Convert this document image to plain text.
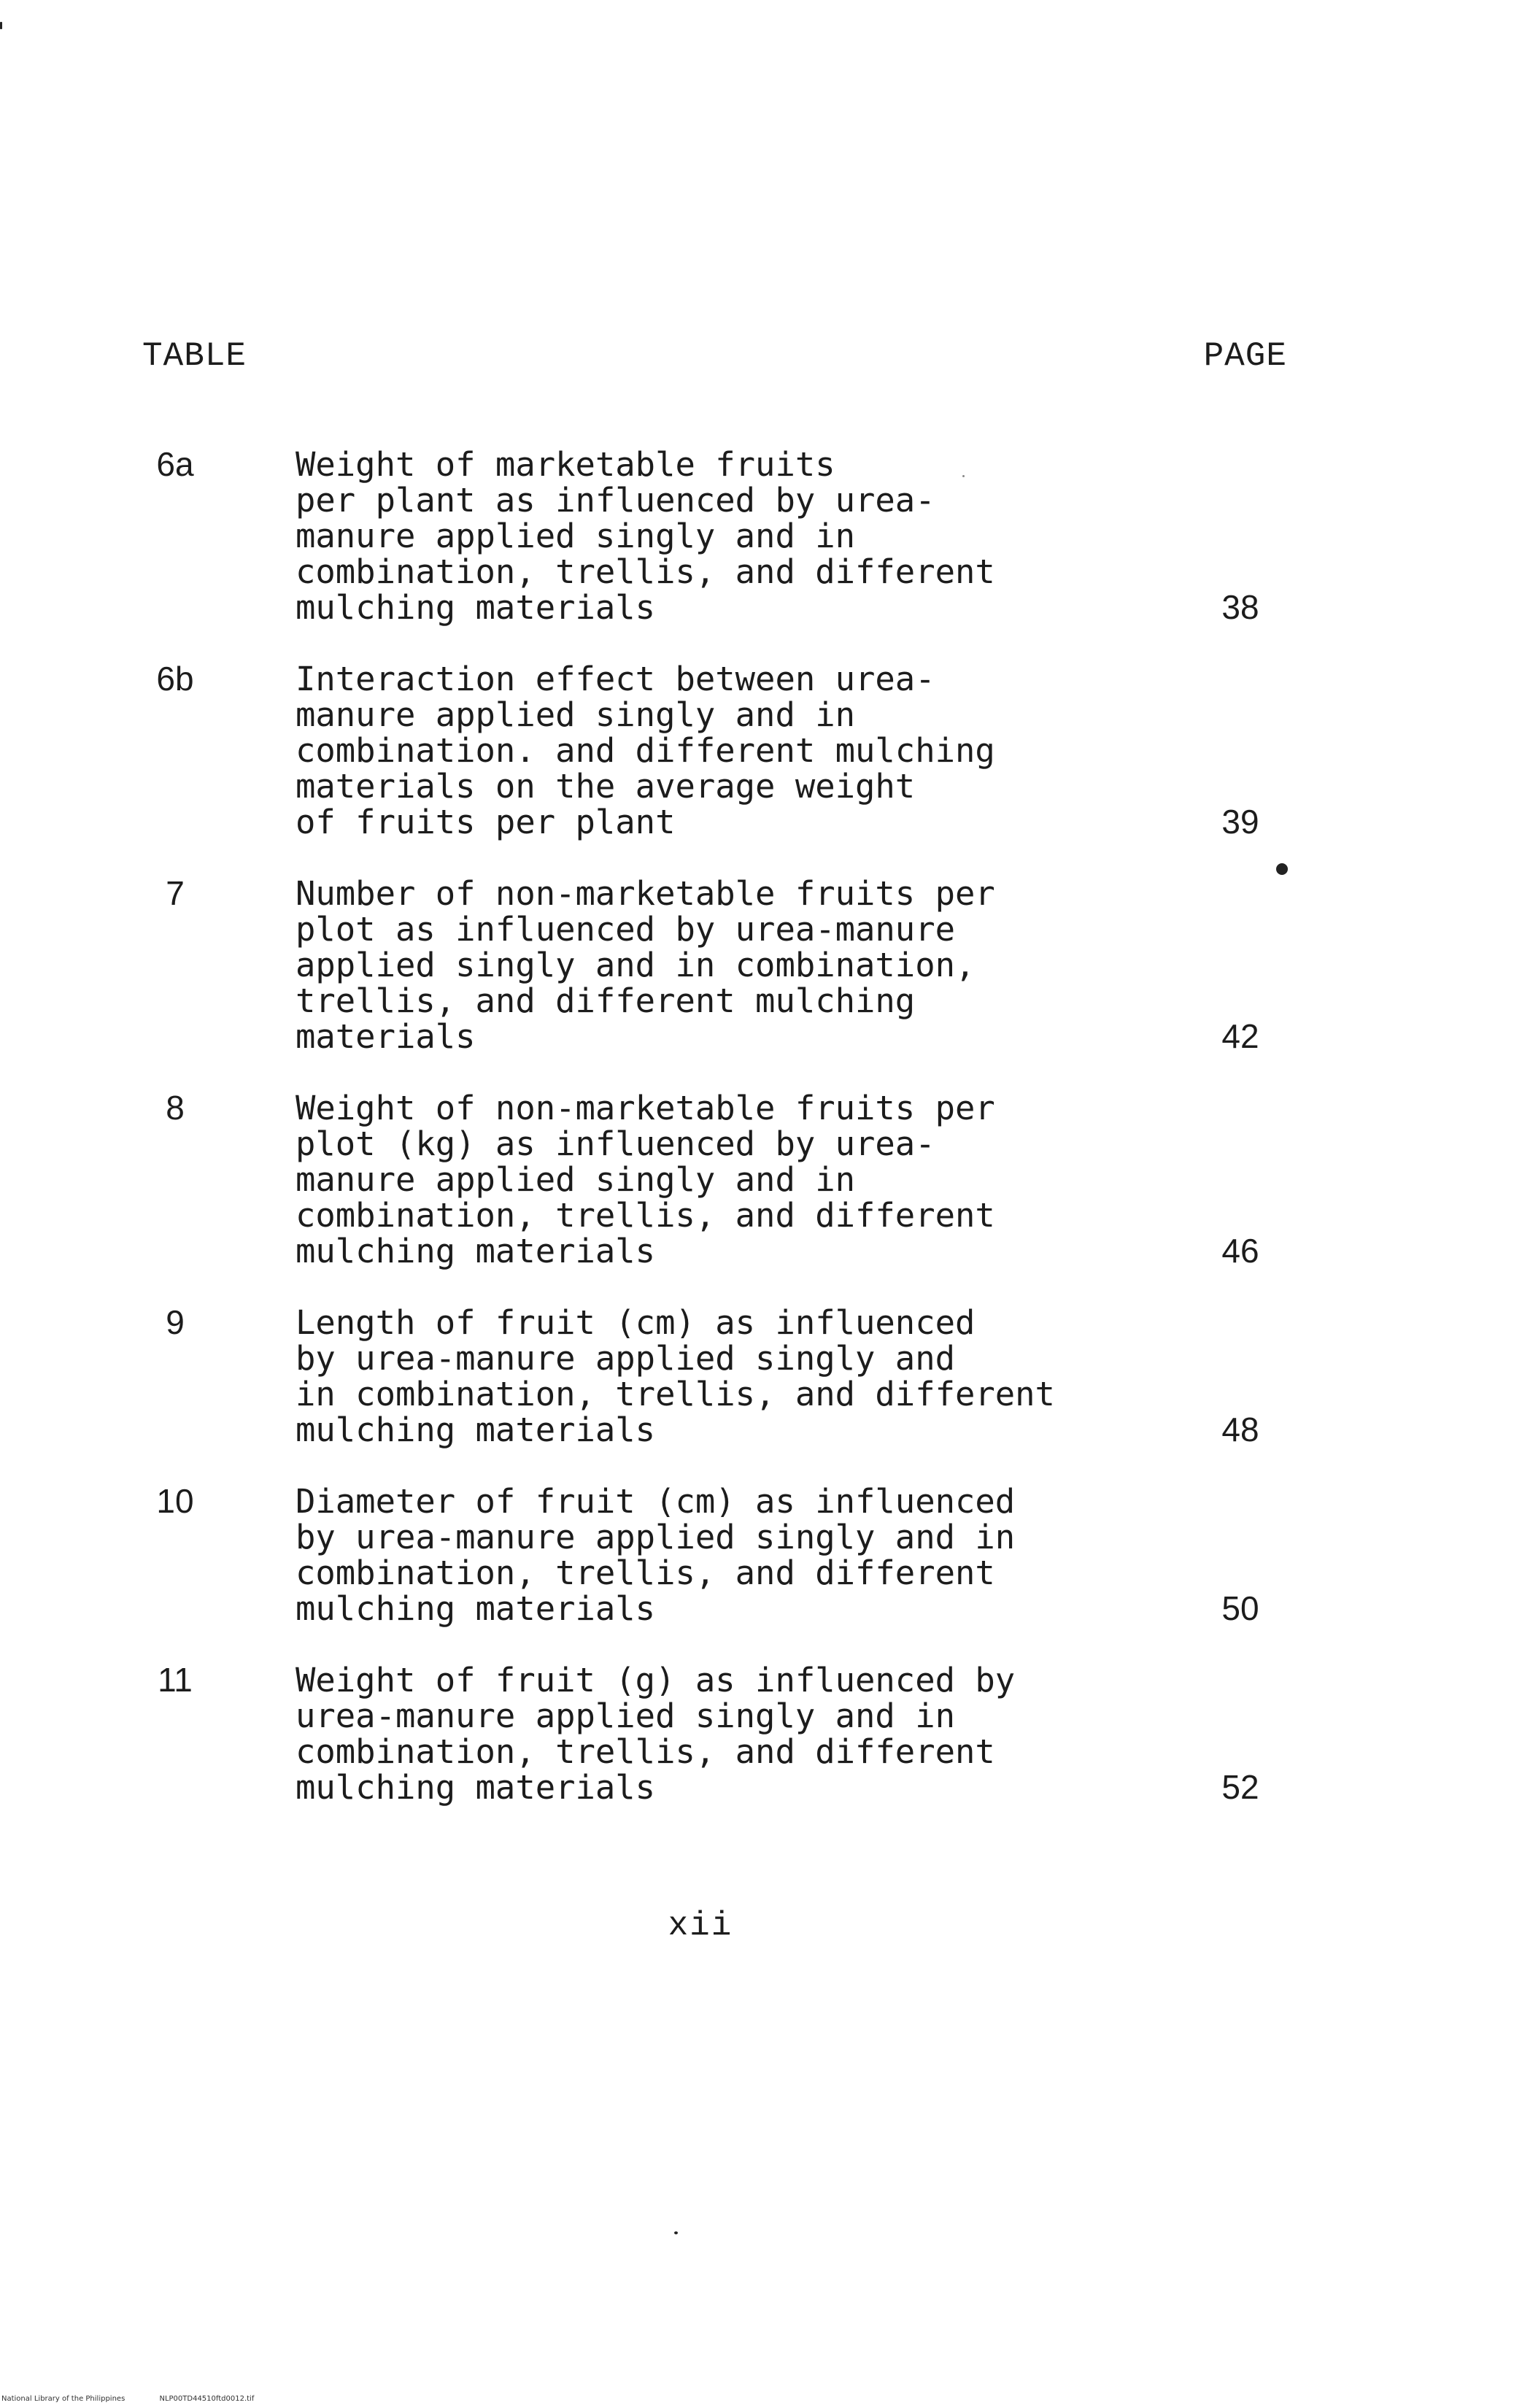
TABLE	PAGE
6a	Weight of marketable fruits
per plant as influenced by urea-
manure applied singly and in
combination, trellis, and different
mulching materials	38
6b	Interaction effect between urea-
manure applied singly and in
combination. and different mulching
materials on the average weight
of fruits per plant	39
7	Number of non-marketable fruits per
plot as influenced by urea-manure
applied singly and in combination,
trellis, and different mulching
materials	42
8	Weight of non-marketable fruits per
plot (kg) as influenced by urea-
manure applied singly and in
combination, trellis, and different
mulching materials	46
9	Length of fruit (cm) as influenced
by urea-manure applied singly and
in combination, trellis, and different
mulching materials	48
10	Diameter of fruit (cm) as influenced
by urea-manure applied singly and in
combination, trellis, and different
mulching materials	50
11	Weight of fruit (g) as influenced by
urea-manure applied singly and in
combination, trellis, and different
mulching materials	52
xii
National Library of the Philippines	NLP00TD44510ftd0012.tif
